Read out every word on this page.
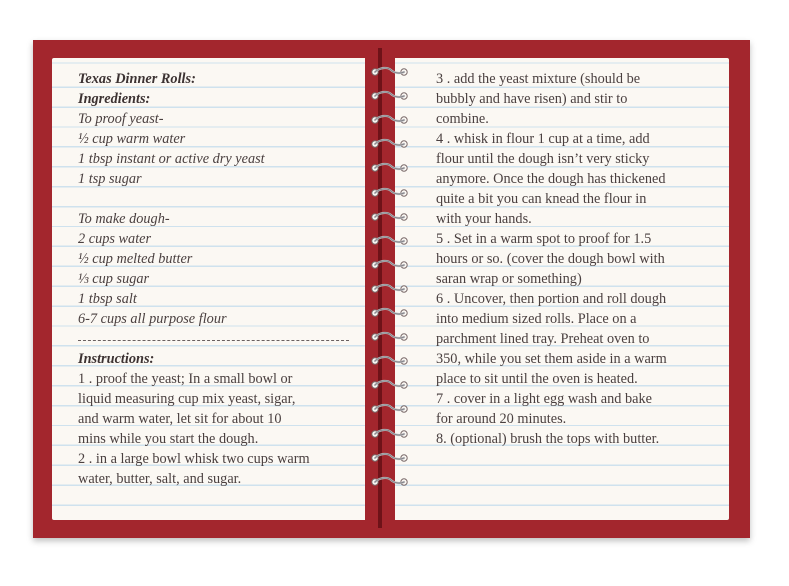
Texas Dinner Rolls:
Ingredients:
To proof yeast-
½ cup warm water
1 tbsp instant or active dry yeast
1 tsp sugar
To make dough-
2 cups water
½ cup melted butter
⅓ cup sugar
1 tbsp salt
6-7 cups all purpose flour
Instructions:
1 . proof the yeast; In a small bowl or
liquid measuring cup mix yeast, sigar,
and warm water, let sit for about 10
mins while you start the dough.
2 . in a large bowl whisk two cups warm
water, butter, salt, and sugar.
3 . add the yeast mixture (should be
bubbly and have risen) and stir to
combine.
4 . whisk in flour 1 cup at a time, add
flour until the dough isn’t very sticky
anymore. Once the dough has thickened
quite a bit you can knead the flour in
with your hands.
5 . Set in a warm spot to proof for 1.5
hours or so. (cover the dough bowl with
saran wrap or something)
6 . Uncover, then portion and roll dough
into medium sized rolls. Place on a
parchment lined tray. Preheat oven to
350, while you set them aside in a warm
place to sit until the oven is heated.
7 . cover in a light egg wash and bake
for around 20 minutes.
8. (optional) brush the tops with butter.
